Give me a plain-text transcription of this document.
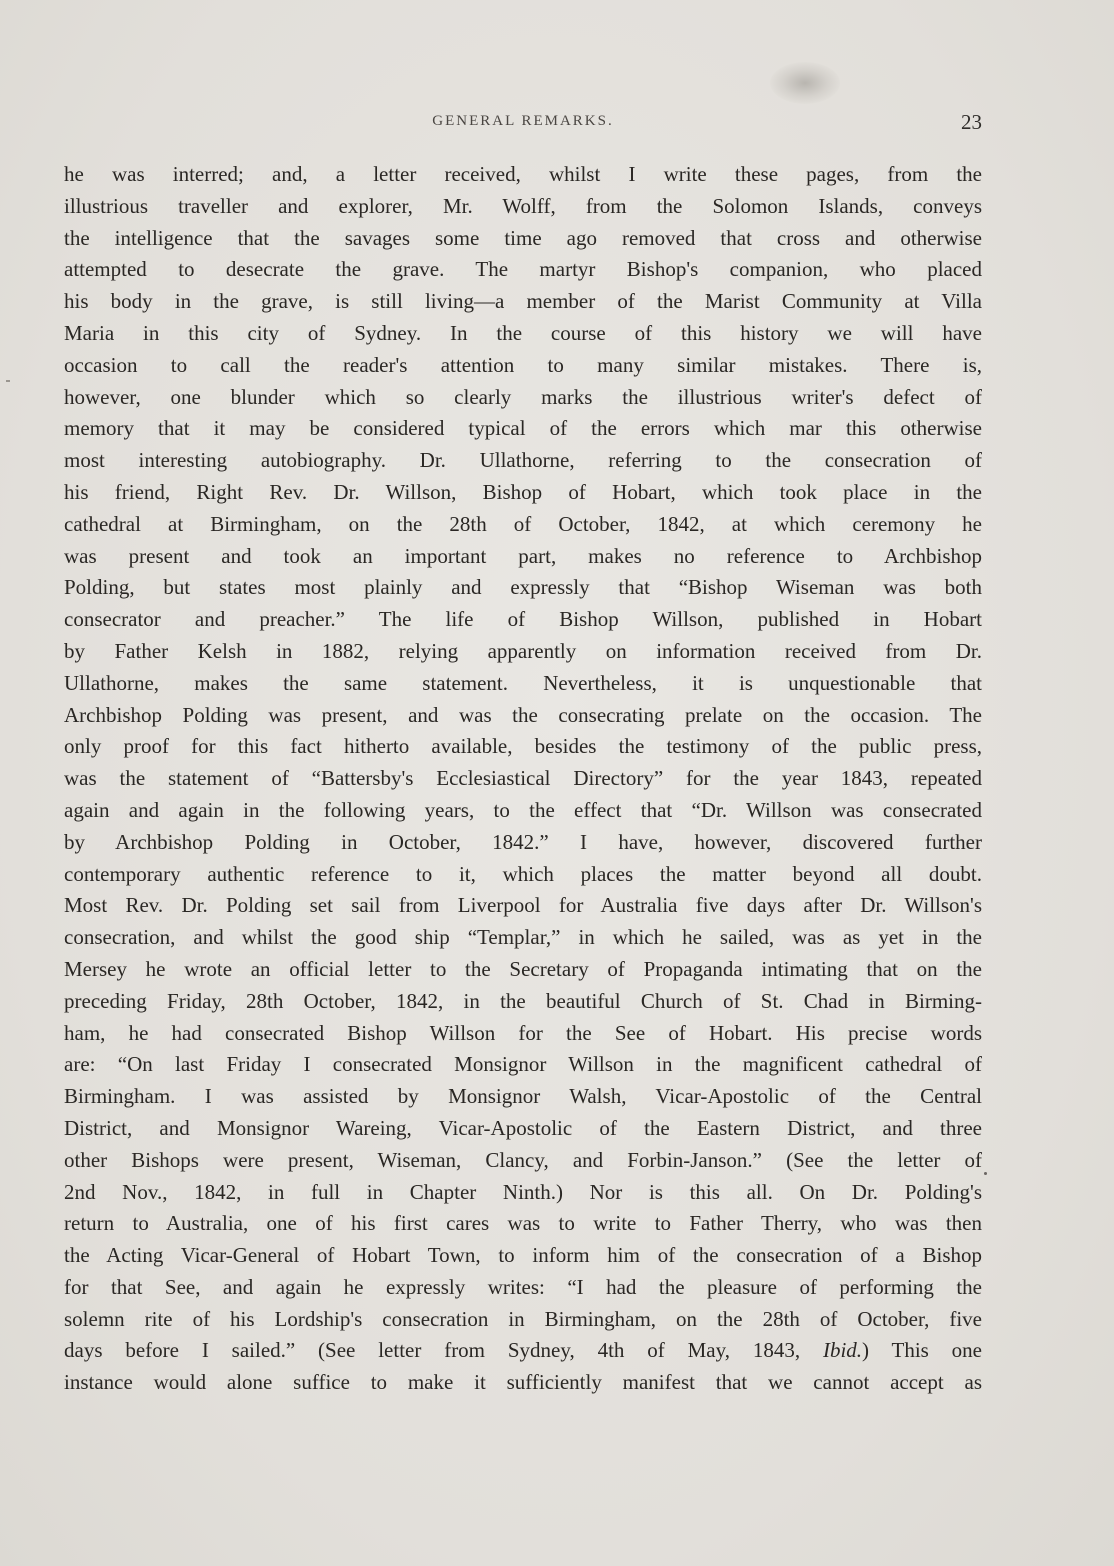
GENERAL REMARKS.	23
he was interred; and, a letter received, whilst I write these pages, from the
illustrious traveller and explorer, Mr. Wolff, from the Solomon Islands, conveys
the intelligence that the savages some time ago removed that cross and otherwise
attempted to desecrate the grave. The martyr Bishop's companion, who placed
his body in the grave, is still living—a member of the Marist Community at Villa
Maria in this city of Sydney. In the course of this history we will have
occasion to call the reader's attention to many similar mistakes. There is,
however, one blunder which so clearly marks the illustrious writer's defect of
memory that it may be considered typical of the errors which mar this otherwise
most interesting autobiography. Dr. Ullathorne, referring to the consecration of
his friend, Right Rev. Dr. Willson, Bishop of Hobart, which took place in the
cathedral at Birmingham, on the 28th of October, 1842, at which ceremony he
was present and took an important part, makes no reference to Archbishop
Polding, but states most plainly and expressly that “Bishop Wiseman was both
consecrator and preacher.” The life of Bishop Willson, published in Hobart
by Father Kelsh in 1882, relying apparently on information received from Dr.
Ullathorne, makes the same statement. Nevertheless, it is unquestionable that
Archbishop Polding was present, and was the consecrating prelate on the occasion. The
only proof for this fact hitherto available, besides the testimony of the public press,
was the statement of “Battersby's Ecclesiastical Directory” for the year 1843, repeated
again and again in the following years, to the effect that “Dr. Willson was consecrated
by Archbishop Polding in October, 1842.” I have, however, discovered further
contemporary authentic reference to it, which places the matter beyond all doubt.
Most Rev. Dr. Polding set sail from Liverpool for Australia five days after Dr. Willson's
consecration, and whilst the good ship “Templar,” in which he sailed, was as yet in the
Mersey he wrote an official letter to the Secretary of Propaganda intimating that on the
preceding Friday, 28th October, 1842, in the beautiful Church of St. Chad in Birming-
ham, he had consecrated Bishop Willson for the See of Hobart. His precise words
are: “On last Friday I consecrated Monsignor Willson in the magnificent cathedral of
Birmingham. I was assisted by Monsignor Walsh, Vicar-Apostolic of the Central
District, and Monsignor Wareing, Vicar-Apostolic of the Eastern District, and three
other Bishops were present, Wiseman, Clancy, and Forbin-Janson.” (See the letter of
2nd Nov., 1842, in full in Chapter Ninth.) Nor is this all. On Dr. Polding's
return to Australia, one of his first cares was to write to Father Therry, who was then
the Acting Vicar-General of Hobart Town, to inform him of the consecration of a Bishop
for that See, and again he expressly writes: “I had the pleasure of performing the
solemn rite of his Lordship's consecration in Birmingham, on the 28th of October, five
days before I sailed.” (See letter from Sydney, 4th of May, 1843, Ibid.) This one
instance would alone suffice to make it sufficiently manifest that we cannot accept as
